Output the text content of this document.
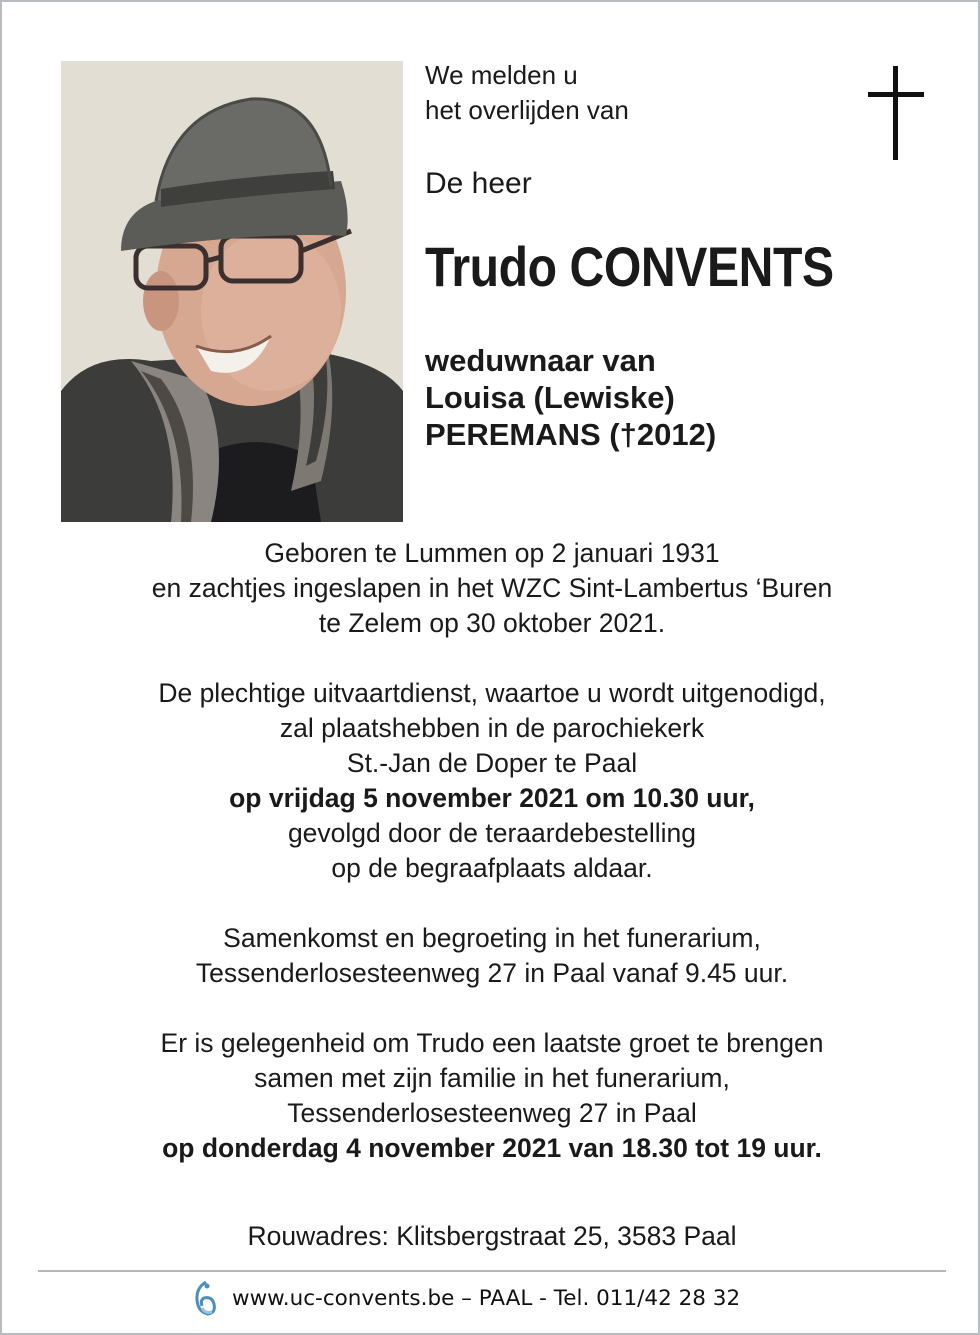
We melden u
het overlijden van
De heer
Trudo CONVENTS
weduwnaar van
Louisa (Lewiske)
PEREMANS (†2012)
Geboren te Lummen op 2 januari 1931
en zachtjes ingeslapen in het WZC Sint-Lambertus ‘Buren
te Zelem op 30 oktober 2021.
De plechtige uitvaartdienst, waartoe u wordt uitgenodigd,
zal plaatshebben in de parochiekerk
St.-Jan de Doper te Paal
op vrijdag 5 november 2021 om 10.30 uur,
gevolgd door de teraardebestelling
op de begraafplaats aldaar.
Samenkomst en begroeting in het funerarium,
Tessenderlosesteenweg 27 in Paal vanaf 9.45 uur.
Er is gelegenheid om Trudo een laatste groet te brengen
samen met zijn familie in het funerarium,
Tessenderlosesteenweg 27 in Paal
op donderdag 4 november 2021 van 18.30 tot 19 uur.
Rouwadres: Klitsbergstraat 25, 3583 Paal
www.uc-convents.be – PAAL - Tel. 011/42 28 32
